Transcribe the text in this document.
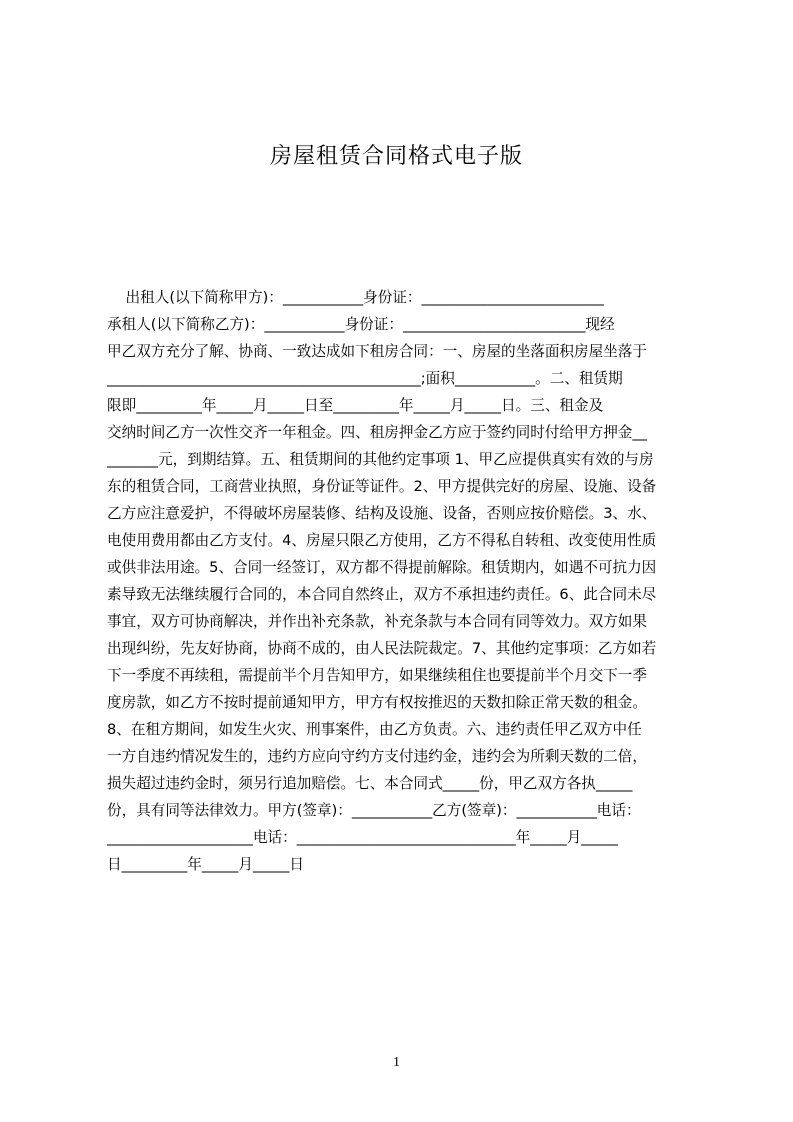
房屋租赁合同格式电子版
出租人(以下简称甲方)：___________身份证：_________________________
承租人(以下简称乙方)：___________身份证：_________________________现经
甲乙双方充分了解、协商、一致达成如下租房合同：一、房屋的坐落面积房屋坐落于
___________________________________________;面积___________。二、租赁期
限即_________年_____月_____日至_________年_____月_____日。三、租金及
交纳时间乙方一次性交齐一年租金。四、租房押金乙方应于签约同时付给甲方押金__
_______元，到期结算。五、租赁期间的其他约定事项 1、甲乙应提供真实有效的与房
东的租赁合同，工商营业执照，身份证等证件。2、甲方提供完好的房屋、设施、设备
乙方应注意爱护，不得破坏房屋装修、结构及设施、设备，否则应按价赔偿。3、水、
电使用费用都由乙方支付。4、房屋只限乙方使用，乙方不得私自转租、改变使用性质
或供非法用途。5、合同一经签订，双方都不得提前解除。租赁期内，如遇不可抗力因
素导致无法继续履行合同的，本合同自然终止，双方不承担违约责任。6、此合同未尽
事宜，双方可协商解决，并作出补充条款，补充条款与本合同有同等效力。双方如果
出现纠纷，先友好协商，协商不成的，由人民法院裁定。7、其他约定事项：乙方如若
下一季度不再续租，需提前半个月告知甲方，如果继续租住也要提前半个月交下一季
度房款，如乙方不按时提前通知甲方，甲方有权按推迟的天数扣除正常天数的租金。
8、在租方期间，如发生火灾、刑事案件，由乙方负责。六、违约责任甲乙双方中任
一方自违约情况发生的，违约方应向守约方支付违约金，违约会为所剩天数的二倍，
损失超过违约金时，须另行追加赔偿。七、本合同式_____份，甲乙双方各执_____
份，具有同等法律效力。甲方(签章)：___________乙方(签章)：___________电话：
____________________电话：______________________________年_____月_____
日_________年_____月_____日
1
